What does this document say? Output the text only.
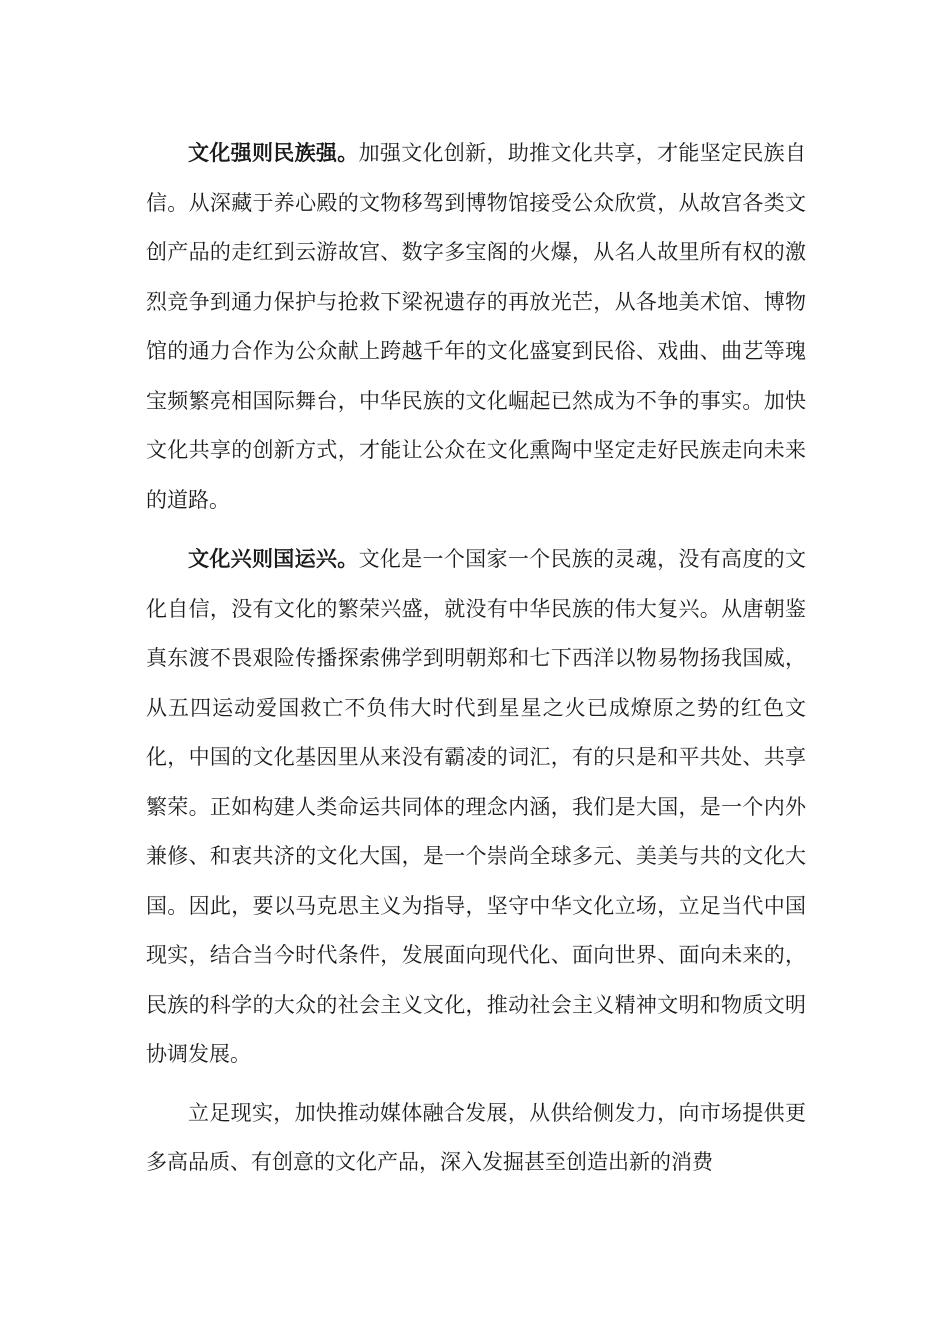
文化强则民族强。加强文化创新，助推文化共享，才能坚定民族自信。从深藏于养心殿的文物移驾到博物馆接受公众欣赏，从故宫各类文创产品的走红到云游故宫、数字多宝阁的火爆，从名人故里所有权的激烈竞争到通力保护与抢救下梁祝遗存的再放光芒，从各地美术馆、博物馆的通力合作为公众献上跨越千年的文化盛宴到民俗、戏曲、曲艺等瑰宝频繁亮相国际舞台，中华民族的文化崛起已然成为不争的事实。加快文化共享的创新方式，才能让公众在文化熏陶中坚定走好民族走向未来的道路。

文化兴则国运兴。文化是一个国家一个民族的灵魂，没有高度的文化自信，没有文化的繁荣兴盛，就没有中华民族的伟大复兴。从唐朝鉴真东渡不畏艰险传播探索佛学到明朝郑和七下西洋以物易物扬我国威，从五四运动爱国救亡不负伟大时代到星星之火已成燎原之势的红色文化，中国的文化基因里从来没有霸凌的词汇，有的只是和平共处、共享繁荣。正如构建人类命运共同体的理念内涵，我们是大国，是一个内外兼修、和衷共济的文化大国，是一个崇尚全球多元、美美与共的文化大国。因此，要以马克思主义为指导，坚守中华文化立场，立足当代中国现实，结合当今时代条件，发展面向现代化、面向世界、面向未来的，民族的科学的大众的社会主义文化，推动社会主义精神文明和物质文明协调发展。

立足现实，加快推动媒体融合发展，从供给侧发力，向市场提供更多高品质、有创意的文化产品，深入发掘甚至创造出新的消费
